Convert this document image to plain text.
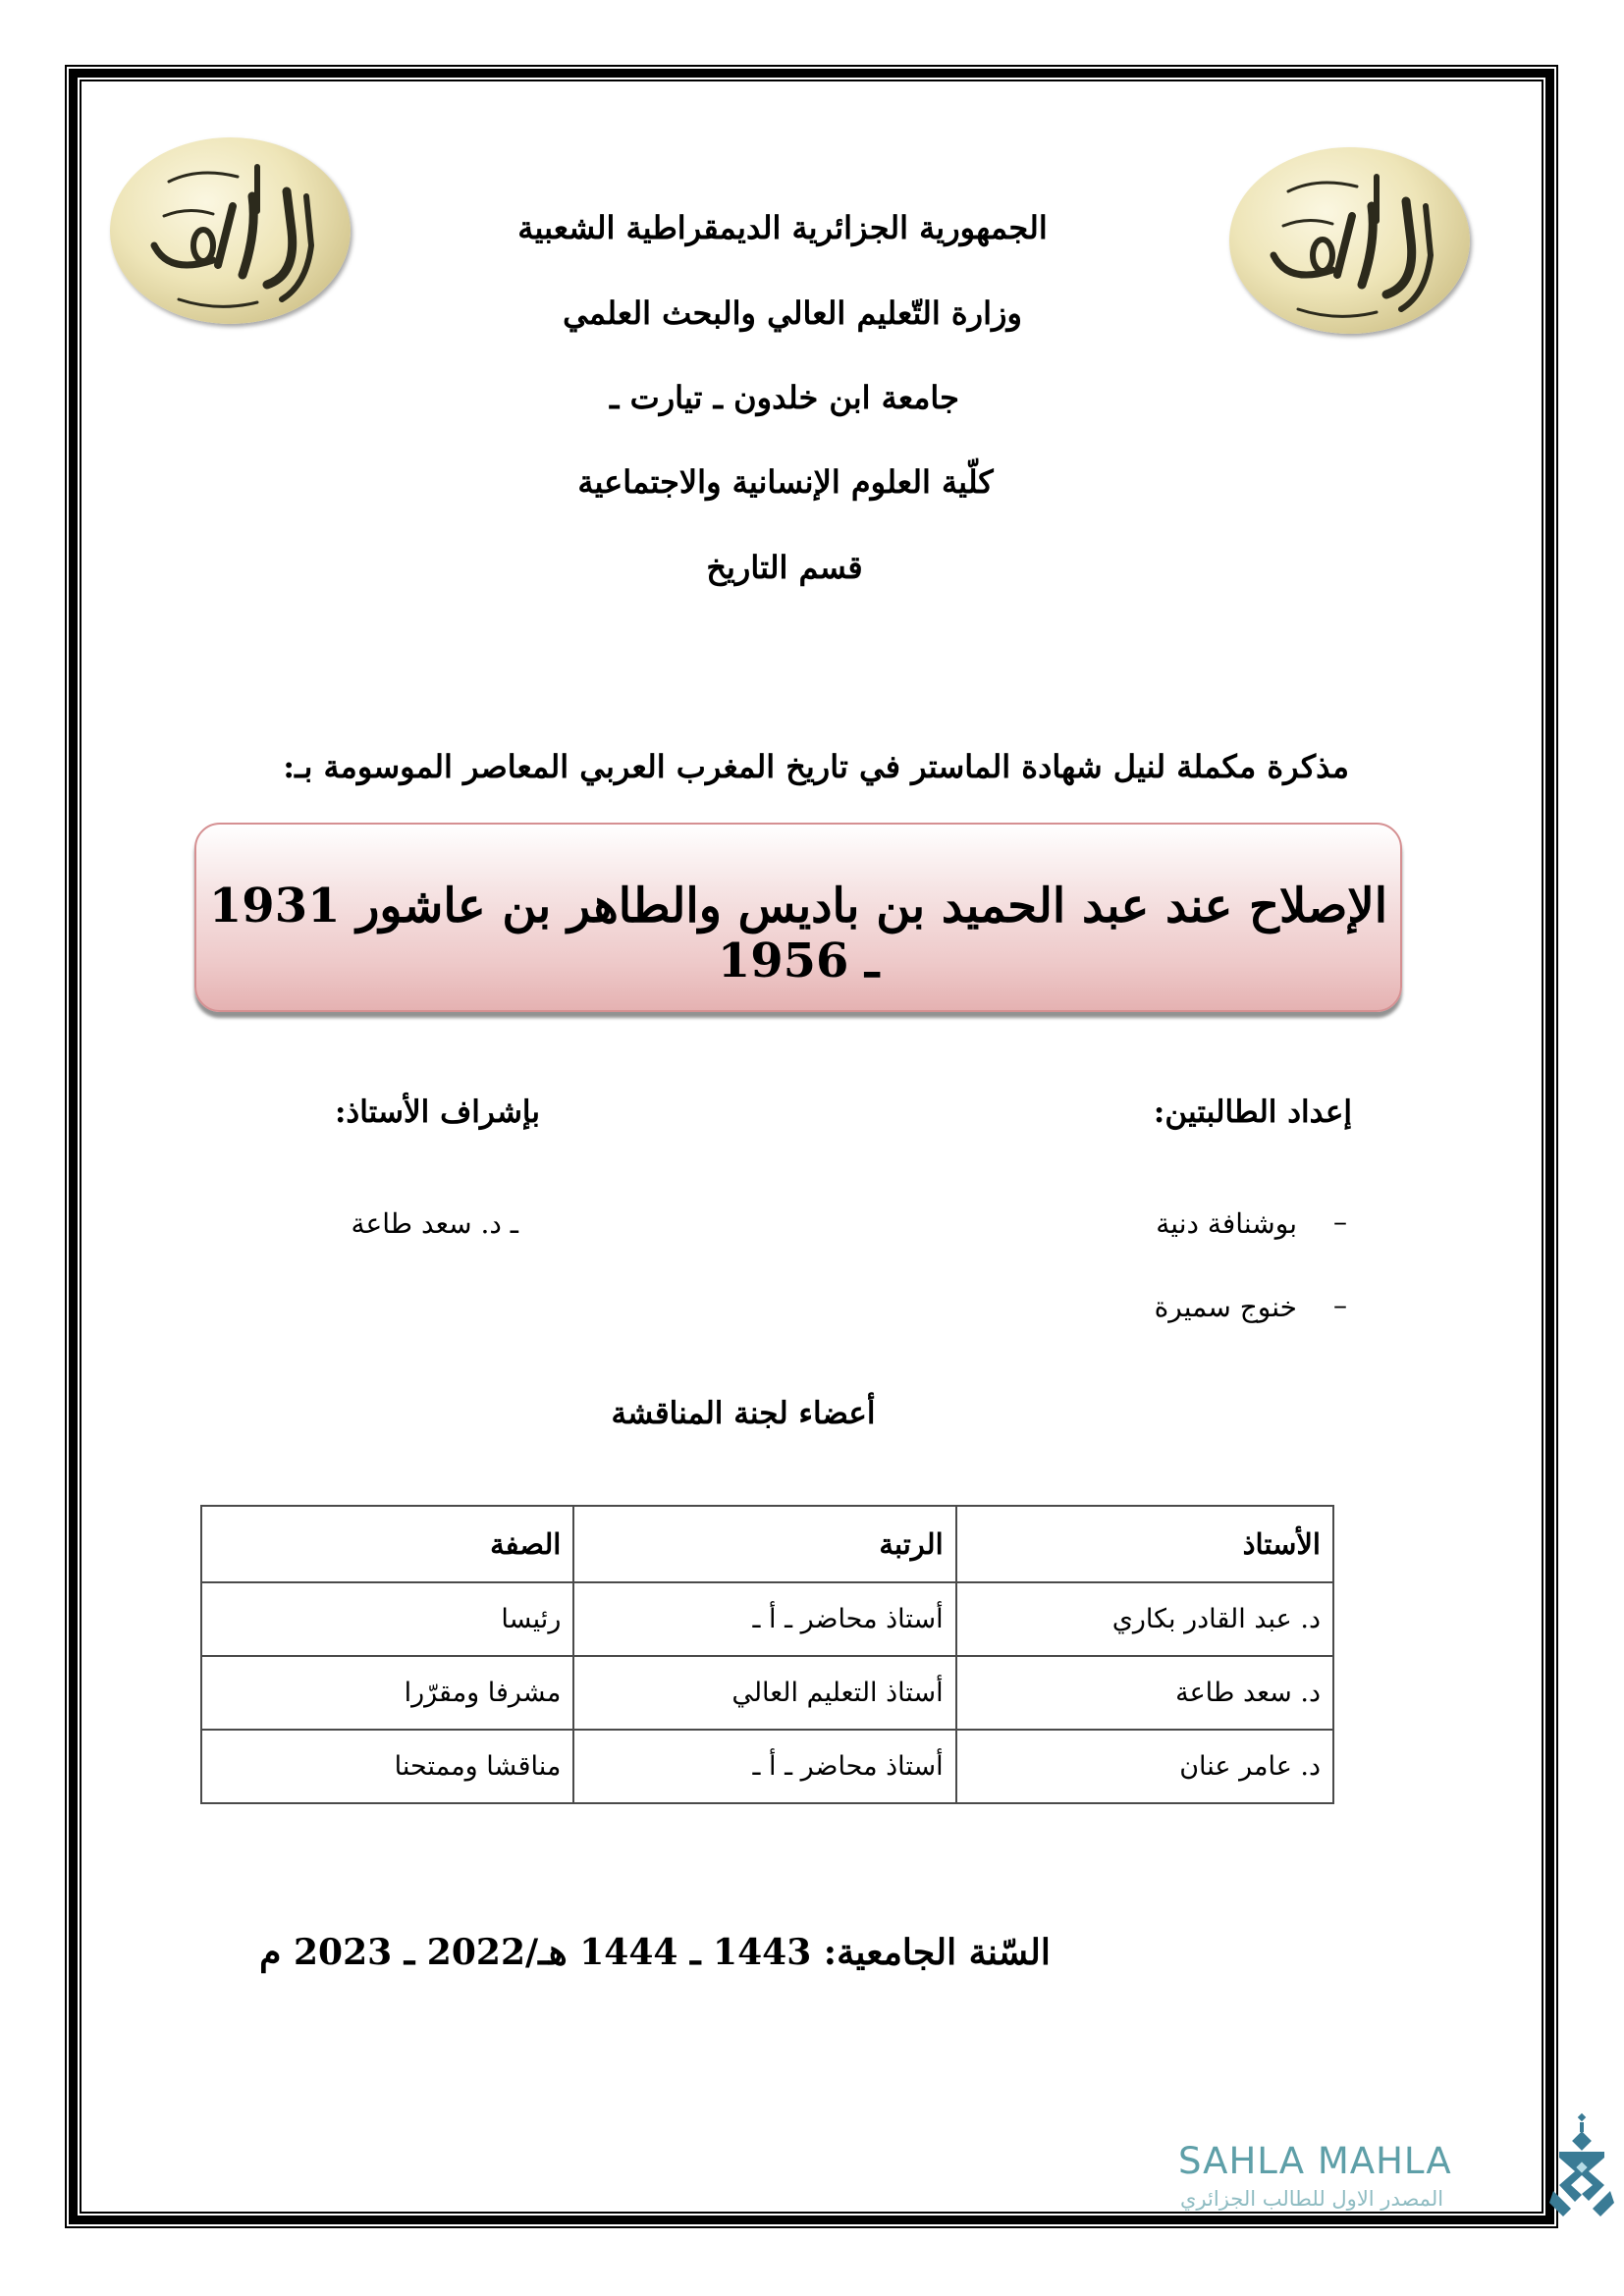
الجمهورية الجزائرية الديمقراطية الشعبية
وزارة التّعليم العالي والبحث العلمي
جامعة ابن خلدون ـ تيارت ـ
كلّية العلوم الإنسانية والاجتماعية
قسم التاريخ
مذكرة مكملة لنيل شهادة الماستر في تاريخ المغرب العربي المعاصر الموسومة بـ:
الإصلاح عند عبد الحميد بن باديس والطاهر بن عاشور 1931 ـ 1956
إعداد الطالبتين:
بإشراف الأستاذ:
–
بوشنافة دنية
–
خنوج سميرة
ـ د. سعد طاعة
أعضاء لجنة المناقشة
الأستاذ	الرتبة	الصفة
د. عبد القادر بكاري	أستاذ محاضر ـ أ ـ	رئيسا
د. سعد طاعة	أستاذ التعليم العالي	مشرفا ومقرّرا
د. عامر عنان	أستاذ محاضر ـ أ ـ	مناقشا وممتحنا
السّنة الجامعية: 1443 ـ 1444 هـ/2022 ـ 2023 م
SAHLA MAHLA
المصدر الاول للطالب الجزائري
